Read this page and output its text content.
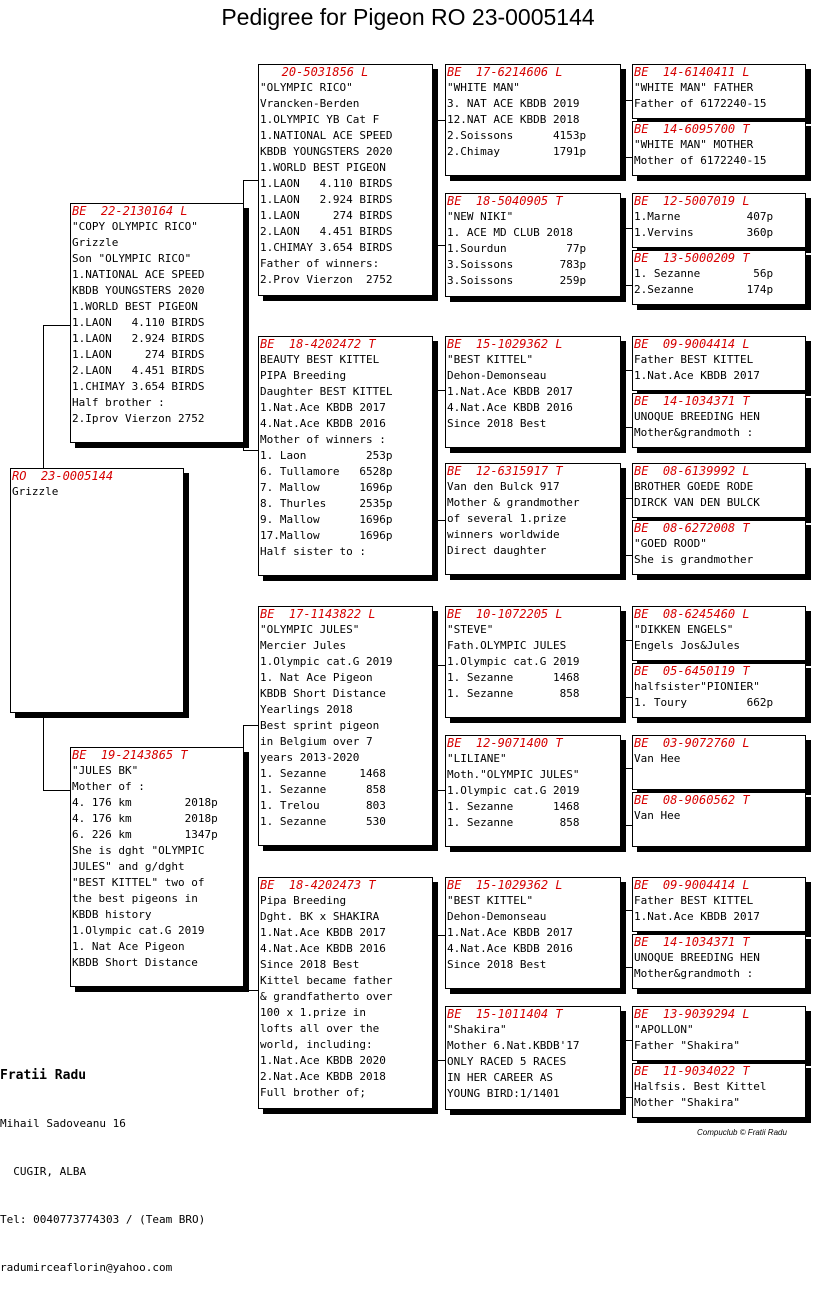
Pedigree for Pigeon RO 23-0005144
RO  23-0005144
Grizzle
BE  22-2130164 L
"COPY OLYMPIC RICO"
Grizzle
Son "OLYMPIC RICO"
1.NATIONAL ACE SPEED
KBDB YOUNGSTERS 2020
1.WORLD BEST PIGEON
1.LAON   4.110 BIRDS
1.LAON   2.924 BIRDS
1.LAON     274 BIRDS
2.LAON   4.451 BIRDS
1.CHIMAY 3.654 BIRDS
Half brother :
2.Iprov Vierzon 2752
BE  19-2143865 T
"JULES BK"
Mother of :
4. 176 km        2018p
4. 176 km        2018p
6. 226 km        1347p
She is dght "OLYMPIC
JULES" and g/dght
"BEST KITTEL" two of
the best pigeons in
KBDB history
1.Olympic cat.G 2019
1. Nat Ace Pigeon
KBDB Short Distance
20-5031856 L
"OLYMPIC RICO"
Vrancken-Berden
1.OLYMPIC YB Cat F
1.NATIONAL ACE SPEED
KBDB YOUNGSTERS 2020
1.WORLD BEST PIGEON
1.LAON   4.110 BIRDS
1.LAON   2.924 BIRDS
1.LAON     274 BIRDS
2.LAON   4.451 BIRDS
1.CHIMAY 3.654 BIRDS
Father of winners:
2.Prov Vierzon  2752
BE  18-4202472 T
BEAUTY BEST KITTEL
PIPA Breeding
Daughter BEST KITTEL
1.Nat.Ace KBDB 2017
4.Nat.Ace KBDB 2016
Mother of winners :
1. Laon         253p
6. Tullamore   6528p
7. Mallow      1696p
8. Thurles     2535p
9. Mallow      1696p
17.Mallow      1696p
Half sister to :
BE  17-1143822 L
"OLYMPIC JULES"
Mercier Jules
1.Olympic cat.G 2019
1. Nat Ace Pigeon
KBDB Short Distance
Yearlings 2018
Best sprint pigeon
in Belgium over 7
years 2013-2020
1. Sezanne     1468
1. Sezanne      858
1. Trelou       803
1. Sezanne      530
BE  18-4202473 T
Pipa Breeding
Dght. BK x SHAKIRA
1.Nat.Ace KBDB 2017
4.Nat.Ace KBDB 2016
Since 2018 Best
Kittel became father
& grandfatherto over
100 x 1.prize in
lofts all over the
world, including:
1.Nat.Ace KBDB 2020
2.Nat.Ace KBDB 2018
Full brother of;
BE  17-6214606 L
"WHITE MAN"
3. NAT ACE KBDB 2019
12.NAT ACE KBDB 2018
2.Soissons      4153p
2.Chimay        1791p
BE  18-5040905 T
"NEW NIKI"
1. ACE MD CLUB 2018
1.Sourdun         77p
3.Soissons       783p
3.Soissons       259p
BE  15-1029362 L
"BEST KITTEL"
Dehon-Demonseau
1.Nat.Ace KBDB 2017
4.Nat.Ace KBDB 2016
Since 2018 Best
BE  12-6315917 T
Van den Bulck 917
Mother & grandmother
of several 1.prize
winners worldwide
Direct daughter
BE  10-1072205 L
"STEVE"
Fath.OLYMPIC JULES
1.Olympic cat.G 2019
1. Sezanne      1468
1. Sezanne       858
BE  12-9071400 T
"LILIANE"
Moth."OLYMPIC JULES"
1.Olympic cat.G 2019
1. Sezanne      1468
1. Sezanne       858
BE  15-1029362 L
"BEST KITTEL"
Dehon-Demonseau
1.Nat.Ace KBDB 2017
4.Nat.Ace KBDB 2016
Since 2018 Best
BE  15-1011404 T
"Shakira"
Mother 6.Nat.KBDB'17
ONLY RACED 5 RACES
IN HER CAREER AS
YOUNG BIRD:1/1401
BE  14-6140411 L
"WHITE MAN" FATHER
Father of 6172240-15
BE  14-6095700 T
"WHITE MAN" MOTHER
Mother of 6172240-15
BE  12-5007019 L
1.Marne          407p
1.Vervins        360p
BE  13-5000209 T
1. Sezanne        56p
2.Sezanne        174p
BE  09-9004414 L
Father BEST KITTEL
1.Nat.Ace KBDB 2017
BE  14-1034371 T
UNOQUE BREEDING HEN
Mother&grandmoth :
BE  08-6139992 L
BROTHER GOEDE RODE
DIRCK VAN DEN BULCK
BE  08-6272008 T
"GOED ROOD"
She is grandmother
BE  08-6245460 L
"DIKKEN ENGELS"
Engels Jos&Jules
BE  05-6450119 T
halfsister"PIONIER"
1. Toury         662p
BE  03-9072760 L
Van Hee
BE  08-9060562 T
Van Hee
BE  09-9004414 L
Father BEST KITTEL
1.Nat.Ace KBDB 2017
BE  14-1034371 T
UNOQUE BREEDING HEN
Mother&grandmoth :
BE  13-9039294 L
"APOLLON"
Father "Shakira"
BE  11-9034022 T
Halfsis. Best Kittel
Mother "Shakira"

Fratii Radu

Mihail Sadoveanu 16

CUGIR, ALBA

Tel: 0040773774303 / (Team BRO)

radumirceaflorin@yahoo.com

Compuclub © Fratii Radu
